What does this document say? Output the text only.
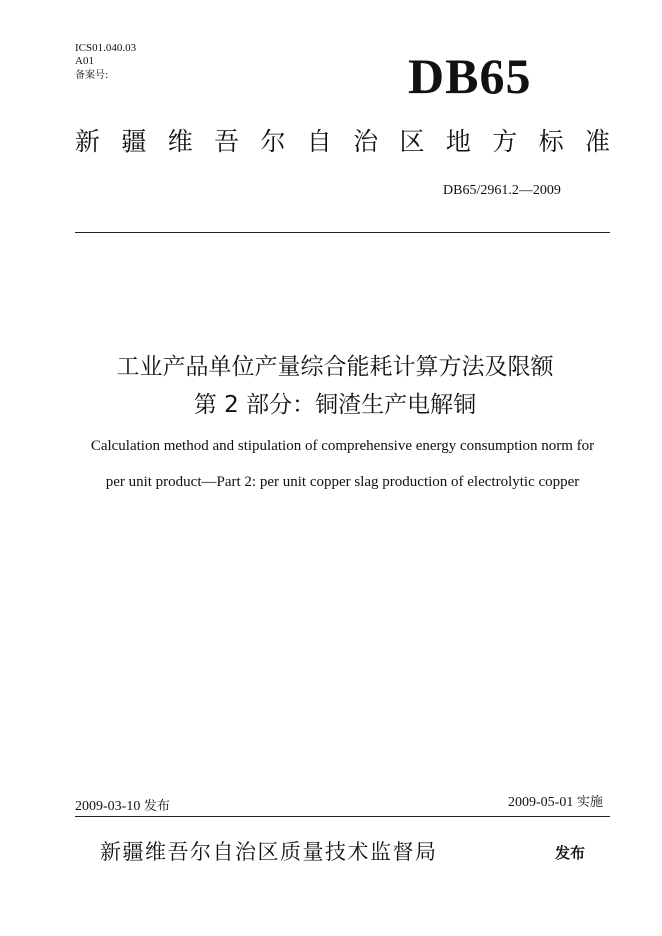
ICS01.040.03
A01
备案号:	DB65
新 疆 维 吾 尔 自 治 区 地 方 标 准
DB65/2961.2—2009
工业产品单位产量综合能耗计算方法及限额
第 2 部分：铜渣生产电解铜
Calculation method and stipulation of comprehensive energy consumption norm for
per unit product—Part 2: per unit copper slag production of electrolytic copper
2009-03-10 发布	2009-05-01 实施
新疆维吾尔自治区质量技术监督局	发布
